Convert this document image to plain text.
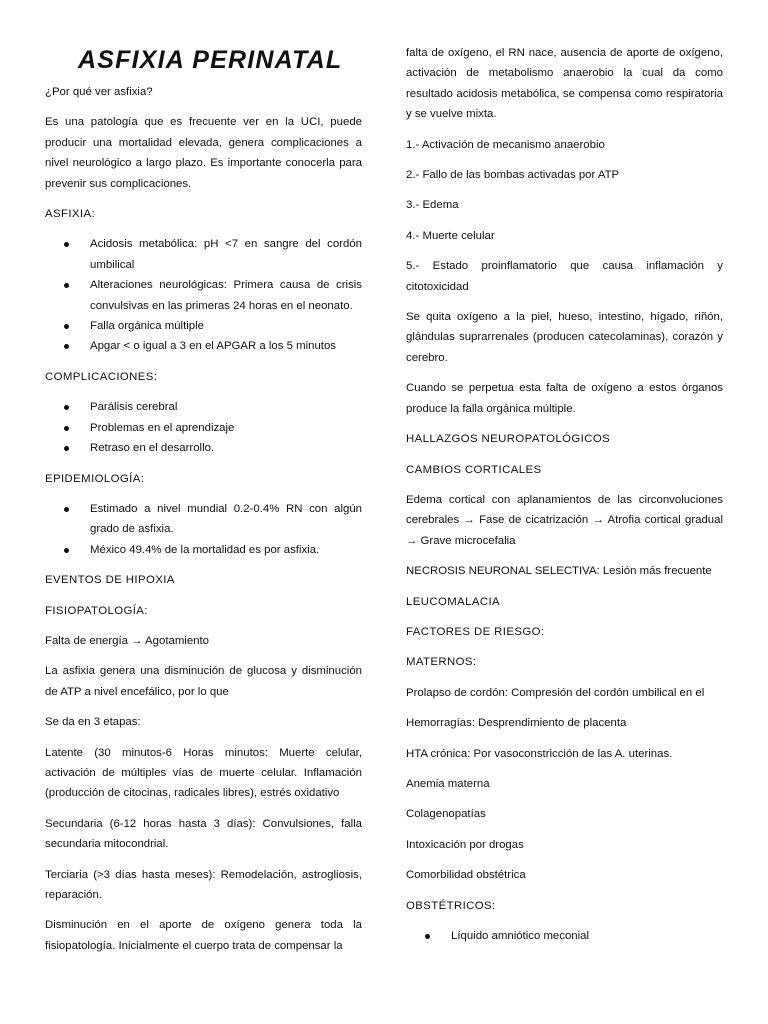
ASFIXIA PERINATAL

¿Por qué ver asfixia?

Es una patología que es frecuente ver en la UCI, puede producir una mortalidad elevada, genera complicaciones a nivel neurológico a largo plazo. Es importante conocerla para prevenir sus complicaciones.

ASFIXIA:

Acidosis metabólica: pH <7 en sangre del cordón umbilical
Alteraciones neurológicas: Primera causa de crisis convulsivas en las primeras 24 horas en el neonato.
Falla orgánica múltiple
Apgar < o igual a 3 en el APGAR a los 5 minutos

COMPLICACIONES:

Parálisis cerebral
Problemas en el aprendizaje
Retraso en el desarrollo.

EPIDEMIOLOGÍA:

Estimado a nivel mundial 0.2-0.4% RN con algún grado de asfixia.
México 49.4% de la mortalidad es por asfixia.

EVENTOS DE HIPOXIA

FISIOPATOLOGÍA:

Falta de energía → Agotamiento

La asfixia genera una disminución de glucosa y disminución de ATP a nivel encefálico, por lo que

Se da en 3 etapas:

Latente (30 minutos-6 Horas minutos: Muerte celular, activación de múltiples vías de muerte celular. Inflamación (producción de citocinas, radicales libres), estrés oxidativo

Secundaria (6-12 horas hasta 3 días): Convulsiones, falla secundaria mitocondrial.

Terciaria (>3 días hasta meses): Remodelación, astrogliosis, reparación.

Disminución en el aporte de oxígeno genera toda la fisiopatología. Inicialmente el cuerpo trata de compensar la

falta de oxígeno, el RN nace, ausencia de aporte de oxígeno, activación de metabolismo anaerobio la cual da como resultado acidosis metabólica, se compensa como respiratoria y se vuelve mixta.

1.- Activación de mecanismo anaerobio

2.- Fallo de las bombas activadas por ATP

3.- Edema

4.- Muerte celular

5.- Estado proinflamatorio que causa inflamación y citotoxicidad

Se quita oxígeno a la piel, hueso, intestino, hígado, riñón, glándulas suprarrenales (producen catecolaminas), corazón y cerebro.

Cuando se perpetua esta falta de oxígeno a estos órganos produce la falla orgánica múltiple.

HALLAZGOS NEUROPATOLÓGICOS

CAMBIOS CORTICALES

Edema cortical con aplanamientos de las circonvoluciones cerebrales → Fase de cicatrización → Atrofia cortical gradual → Grave microcefalia

NECROSIS NEURONAL SELECTIVA: Lesión más frecuente

LEUCOMALACIA

FACTORES DE RIESGO:

MATERNOS:

Prolapso de cordón: Compresión del cordón umbilical en el

Hemorragías: Desprendimiento de placenta

HTA crónica: Por vasoconstricción de las A. uterinas.

Anemia materna

Colagenopatías

Intoxicación por drogas

Comorbilidad obstétrica

OBSTÉTRICOS:

Líquido amniótico meconial
